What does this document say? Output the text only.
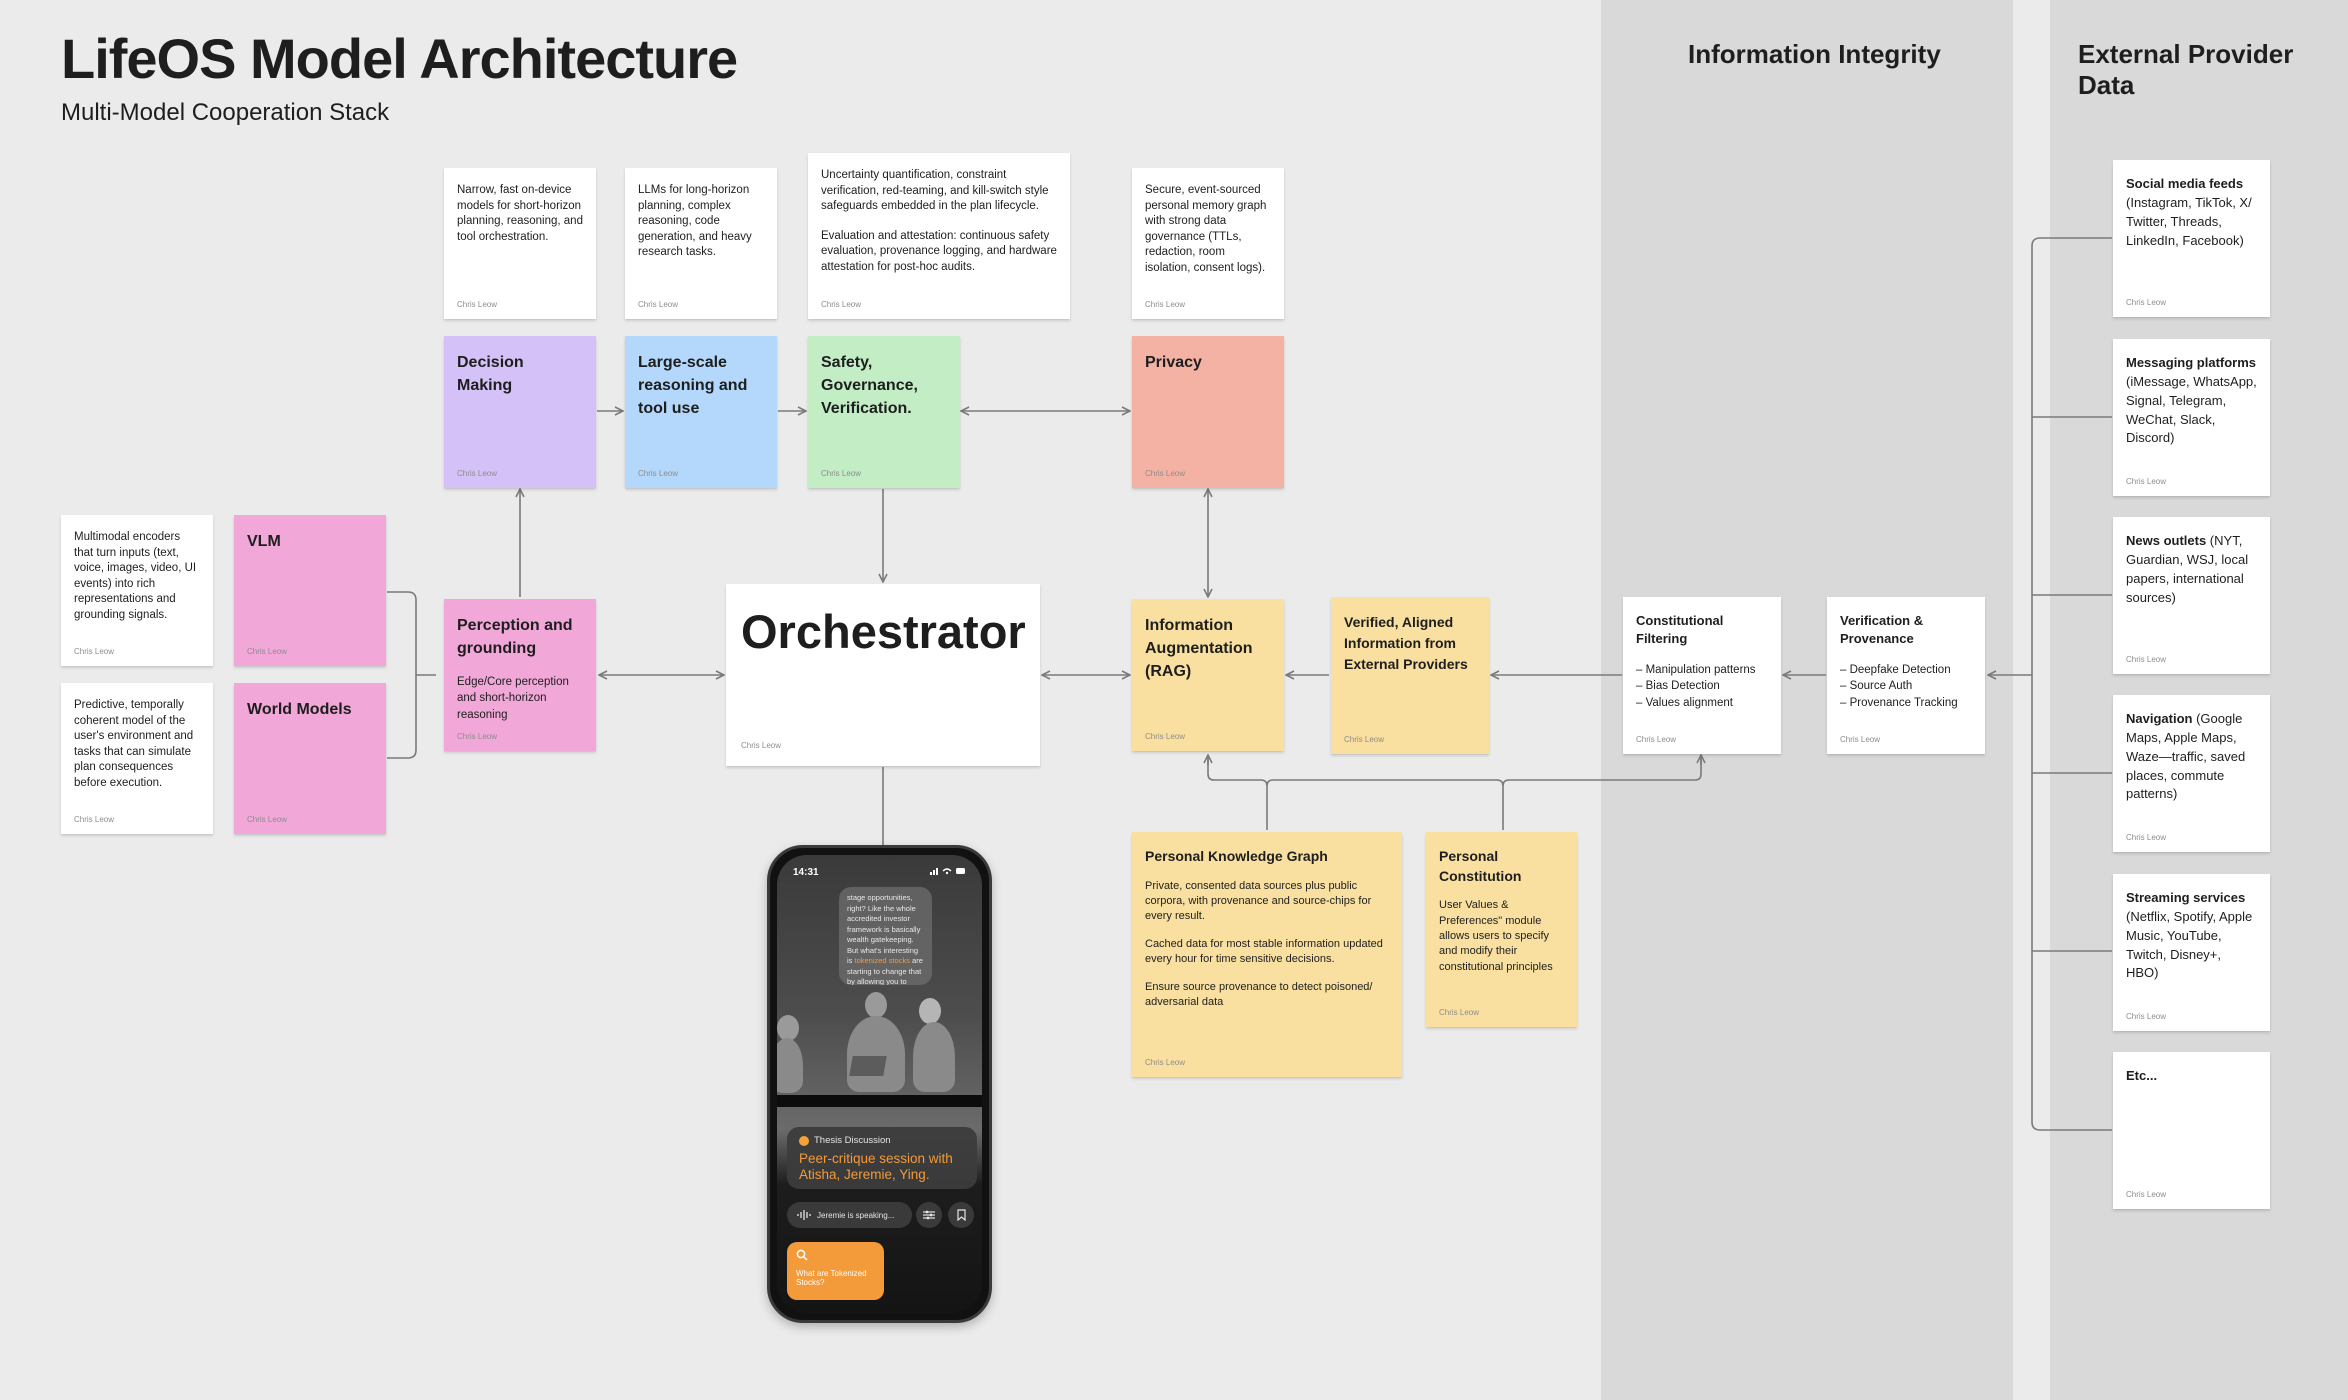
Information Integrity	External Provider Data
LifeOS Model Architecture
Multi-Model Cooperation Stack
Narrow, fast on-device models for short-horizon planning, reasoning, and tool orchestration.
Chris Leow
LLMs for long-horizon planning, complex reasoning, code generation, and heavy research tasks.
Chris Leow
Uncertainty quantification, constraint verification, red-teaming, and kill-switch style safeguards embedded in the plan lifecycle.
Evaluation and attestation: continuous safety evaluation, provenance logging, and hardware attestation for post-hoc audits.
Chris Leow
Secure, event-sourced personal memory graph with strong data governance (TTLs, redaction, room isolation, consent logs).
Chris Leow
Decision Making
Chris Leow
Large-scale reasoning and tool use
Chris Leow
Safety, Governance, Verification.
Chris Leow
Privacy
Chris Leow
Multimodal encoders that turn inputs (text, voice, images, video, UI events) into rich representations and grounding signals.
Chris Leow
VLM
Chris Leow
Predictive, temporally coherent model of the user's environment and tasks that can simulate plan consequences before execution.
Chris Leow
World Models
Chris Leow
Perception and grounding
Edge/Core perception and short-horizon reasoning
Chris Leow
Orchestrator
Chris Leow
Information Augmentation (RAG)
Chris Leow
Verified, Aligned Information from External Providers
Chris Leow
Personal Knowledge Graph
Private, consented data sources plus public corpora, with provenance and source-chips for every result.
Cached data for most stable information updated every hour for time sensitive decisions.
Ensure source provenance to detect poisoned/ adversarial data
Chris Leow
Personal Constitution
User Values & Preferences" module allows users to specify and modify their constitutional principles
Chris Leow
Constitutional Filtering
– Manipulation patterns
– Bias Detection
– Values alignment
Chris Leow
Verification & Provenance
– Deepfake Detection
– Source Auth
– Provenance Tracking
Chris Leow
Social media feeds (Instagram, TikTok, X/ Twitter, Threads, LinkedIn, Facebook)
Chris Leow
Messaging platforms (iMessage, WhatsApp, Signal, Telegram, WeChat, Slack, Discord)
Chris Leow
News outlets (NYT, Guardian, WSJ, local papers, international sources)
Chris Leow
Navigation (Google Maps, Apple Maps, Waze—traffic, saved places, commute patterns)
Chris Leow
Streaming services (Netflix, Spotify, Apple Music, YouTube, Twitch, Disney+, HBO)
Chris Leow
Etc...
Chris Leow
14:31
stage opportunities, right? Like the whole accredited investor framework is basically wealth gatekeeping. But what's interesting is tokenized stocks are starting to change that by allowing you to
Thesis Discussion
Peer-critique session with Atisha, Jeremie, Ying.
Jeremie is speaking...
What are Tokenized Stocks?
